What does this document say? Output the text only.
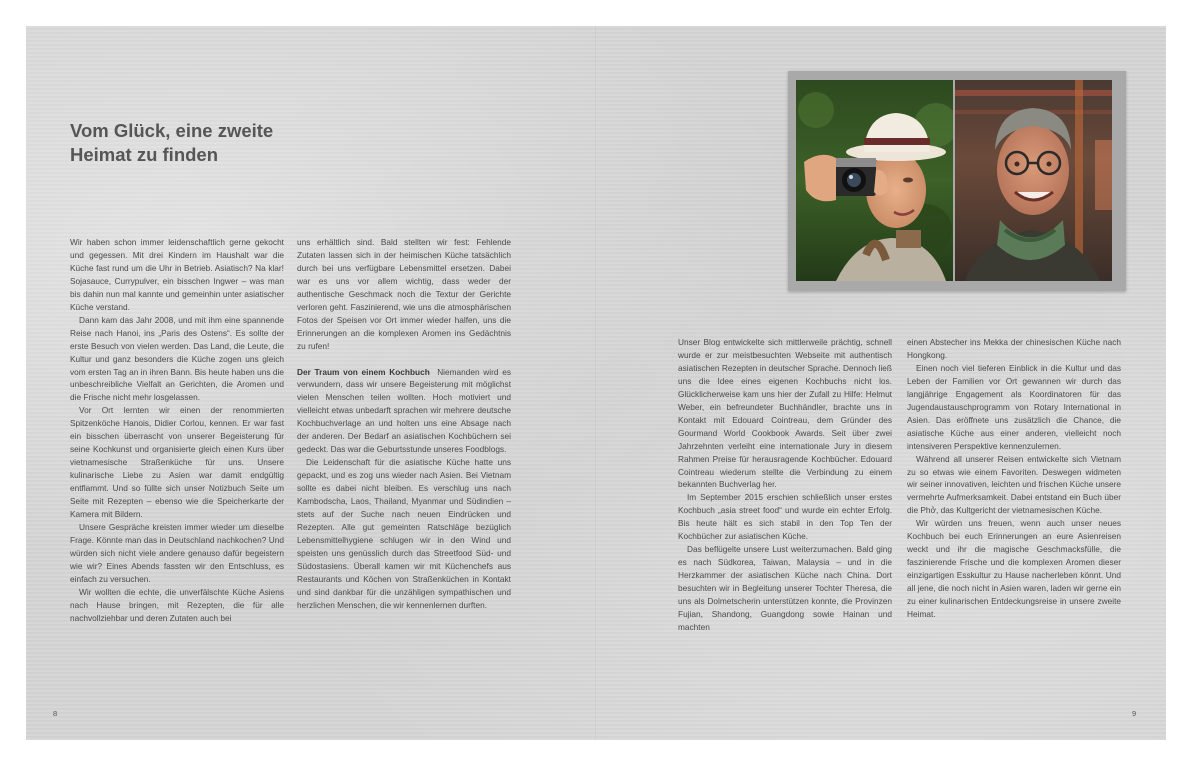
Vom Glück, eine zweite
Heimat zu finden

Wir haben schon immer leidenschaftlich gerne gekocht und gegessen. Mit drei Kindern im Haushalt war die Küche fast rund um die Uhr in Betrieb. Asiatisch? Na klar! Sojasauce, Currypulver, ein bisschen Ingwer – was man bis dahin nun mal kannte und gemeinhin unter asiatischer Küche verstand.

Dann kam das Jahr 2008, und mit ihm eine spannende Reise nach Hanoi, ins „Paris des Ostens“. Es sollte der erste Besuch von vielen werden. Das Land, die Leute, die Kultur und ganz besonders die Küche zogen uns gleich vom ersten Tag an in ihren Bann. Bis heute haben uns die unbeschreibliche Vielfalt an Gerichten, die Aromen und die Frische nicht mehr losgelassen.

Vor Ort lernten wir einen der renommierten Spitzenköche Hanois, Didier Corlou, kennen. Er war fast ein bisschen überrascht von unserer Begeisterung für seine Kochkunst und organisierte gleich einen Kurs über vietnamesische Straßenküche für uns. Unsere kulinarische Liebe zu Asien war damit endgültig entflammt. Und so füllte sich unser Notizbuch Seite um Seite mit Rezepten – ebenso wie die Speicherkarte der Kamera mit Bildern.

Unsere Gespräche kreisten immer wieder um dieselbe Frage. Könnte man das in Deutschland nachkochen? Und würden sich nicht viele andere genauso dafür begeistern wie wir? Eines Abends fassten wir den Entschluss, es einfach zu versuchen.

Wir wollten die echte, die unverfälschte Küche Asiens nach Hause bringen, mit Rezepten, die für alle nachvollziehbar und deren Zutaten auch bei

uns erhältlich sind. Bald stellten wir fest: Fehlende Zutaten lassen sich in der heimischen Küche tatsächlich durch bei uns verfügbare Lebensmittel ersetzen. Dabei war es uns vor allem wichtig, dass weder der authentische Geschmack noch die Textur der Gerichte verloren geht. Faszinierend, wie uns die atmosphärischen Fotos der Speisen vor Ort immer wieder halfen, uns die Erinnerungen an die komplexen Aromen ins Gedächtnis zu rufen!

Der Traum von einem Kochbuch Niemanden wird es verwundern, dass wir unsere Begeisterung mit möglichst vielen Menschen teilen wollten. Hoch motiviert und vielleicht etwas unbedarft sprachen wir mehrere deutsche Kochbuchverlage an und holten uns eine Absage nach der anderen. Der Bedarf an asiatischen Kochbüchern sei gedeckt. Das war die Geburtsstunde unseres Foodblogs.

Die Leidenschaft für die asiatische Küche hatte uns gepackt, und es zog uns wieder nach Asien. Bei Vietnam sollte es dabei nicht bleiben. Es verschlug uns nach Kambodscha, Laos, Thailand, Myanmar und Südindien – stets auf der Suche nach neuen Eindrücken und Rezepten. Alle gut gemeinten Ratschläge bezüglich Lebensmittelhygiene schlugen wir in den Wind und speisten uns genüsslich durch das Streetfood Süd- und Südostasiens. Überall kamen wir mit Küchenchefs aus Restaurants und Köchen von Straßenküchen in Kontakt und sind dankbar für die unzähligen sympathischen und herzlichen Menschen, die wir kennenlernen durften.

Unser Blog entwickelte sich mittlerweile prächtig, schnell wurde er zur meistbesuchten Webseite mit authentisch asiatischen Rezepten in deutscher Sprache. Dennoch ließ uns die Idee eines eigenen Kochbuchs nicht los. Glücklicherweise kam uns hier der Zufall zu Hilfe: Helmut Weber, ein befreundeter Buchhändler, brachte uns in Kontakt mit Edouard Cointreau, dem Gründer des Gourmand World Cookbook Awards. Seit über zwei Jahrzehnten verleiht eine internationale Jury in diesem Rahmen Preise für herausragende Kochbücher. Edouard Cointreau wiederum stellte die Verbindung zu einem bekannten Buchverlag her.

Im September 2015 erschien schließlich unser erstes Kochbuch „asia street food“ und wurde ein echter Erfolg. Bis heute hält es sich stabil in den Top Ten der Kochbücher zur asiatischen Küche.

Das beflügelte unsere Lust weiterzumachen. Bald ging es nach Südkorea, Taiwan, Malaysia – und in die Herzkammer der asiatischen Küche nach China. Dort besuchten wir in Begleitung unserer Tochter Theresa, die uns als Dolmetscherin unterstützen konnte, die Provinzen Fujian, Shandong, Guangdong sowie Hainan und machten

einen Abstecher ins Mekka der chinesischen Küche nach Hongkong.

Einen noch viel tieferen Einblick in die Kultur und das Leben der Familien vor Ort gewannen wir durch das langjährige Engagement als Koordinatoren für das Jugendaustauschprogramm von Rotary International in Asien. Das eröffnete uns zusätzlich die Chance, die asiatische Küche aus einer anderen, vielleicht noch intensiveren Perspektive kennenzulernen.

Während all unserer Reisen entwickelte sich Vietnam zu so etwas wie einem Favoriten. Deswegen widmeten wir seiner innovativen, leichten und frischen Küche unsere vermehrte Aufmerksamkeit. Dabei entstand ein Buch über die Phở, das Kultgericht der vietnamesischen Küche.

Wir würden uns freuen, wenn auch unser neues Kochbuch bei euch Erinnerungen an eure Asienreisen weckt und ihr die magische Geschmacksfülle, die faszinierende Frische und die komplexen Aromen dieser einzigartigen Esskultur zu Hause nacherleben könnt. Und all jene, die noch nicht in Asien waren, laden wir gerne ein zu einer kulinarischen Entdeckungsreise in unsere zweite Heimat.

8	9
